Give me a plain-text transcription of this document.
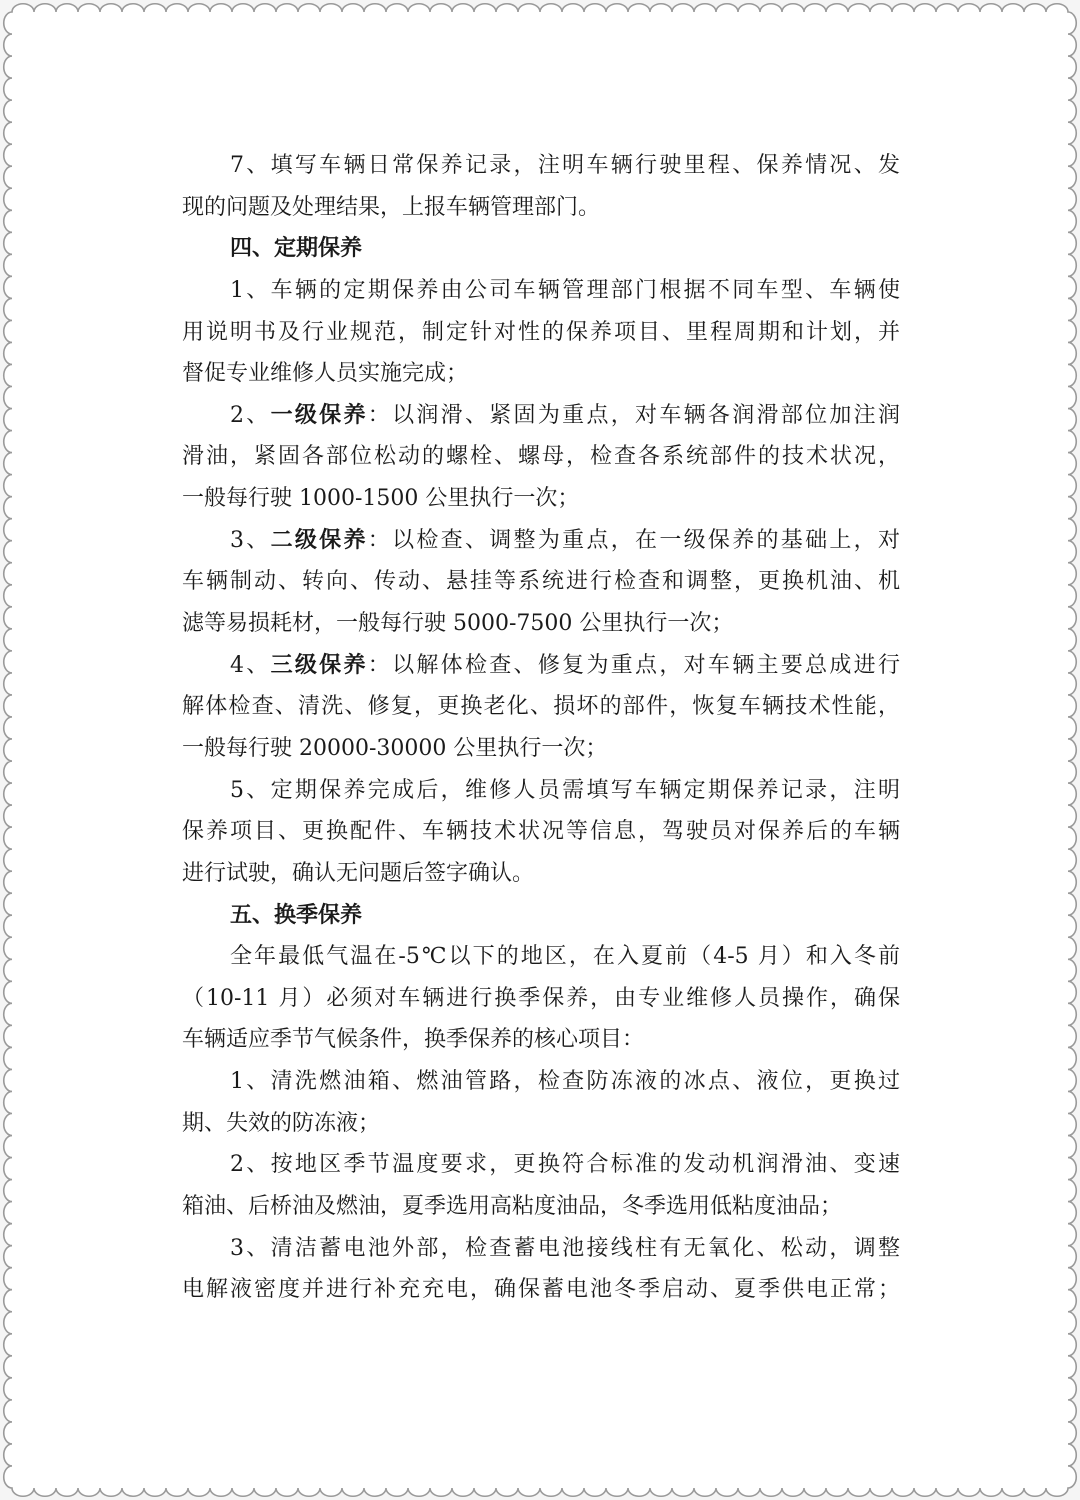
7、填写车辆日常保养记录，注明车辆行驶里程、保养情况、发
现的问题及处理结果，上报车辆管理部门。
四、定期保养
1、车辆的定期保养由公司车辆管理部门根据不同车型、车辆使
用说明书及行业规范，制定针对性的保养项目、里程周期和计划，并
督促专业维修人员实施完成；
2、一级保养：以润滑、紧固为重点，对车辆各润滑部位加注润
滑油，紧固各部位松动的螺栓、螺母，检查各系统部件的技术状况，
一般每行驶 1000-1500 公里执行一次；
3、二级保养：以检查、调整为重点，在一级保养的基础上，对
车辆制动、转向、传动、悬挂等系统进行检查和调整，更换机油、机
滤等易损耗材，一般每行驶 5000-7500 公里执行一次；
4、三级保养：以解体检查、修复为重点，对车辆主要总成进行
解体检查、清洗、修复，更换老化、损坏的部件，恢复车辆技术性能，
一般每行驶 20000-30000 公里执行一次；
5、定期保养完成后，维修人员需填写车辆定期保养记录，注明
保养项目、更换配件、车辆技术状况等信息，驾驶员对保养后的车辆
进行试驶，确认无问题后签字确认。
五、换季保养
全年最低气温在-5℃以下的地区，在入夏前（4-5 月）和入冬前
（10-11 月）必须对车辆进行换季保养，由专业维修人员操作，确保
车辆适应季节气候条件，换季保养的核心项目：
1、清洗燃油箱、燃油管路，检查防冻液的冰点、液位，更换过
期、失效的防冻液；
2、按地区季节温度要求，更换符合标准的发动机润滑油、变速
箱油、后桥油及燃油，夏季选用高粘度油品，冬季选用低粘度油品；
3、清洁蓄电池外部，检查蓄电池接线柱有无氧化、松动，调整
电解液密度并进行补充充电，确保蓄电池冬季启动、夏季供电正常；
